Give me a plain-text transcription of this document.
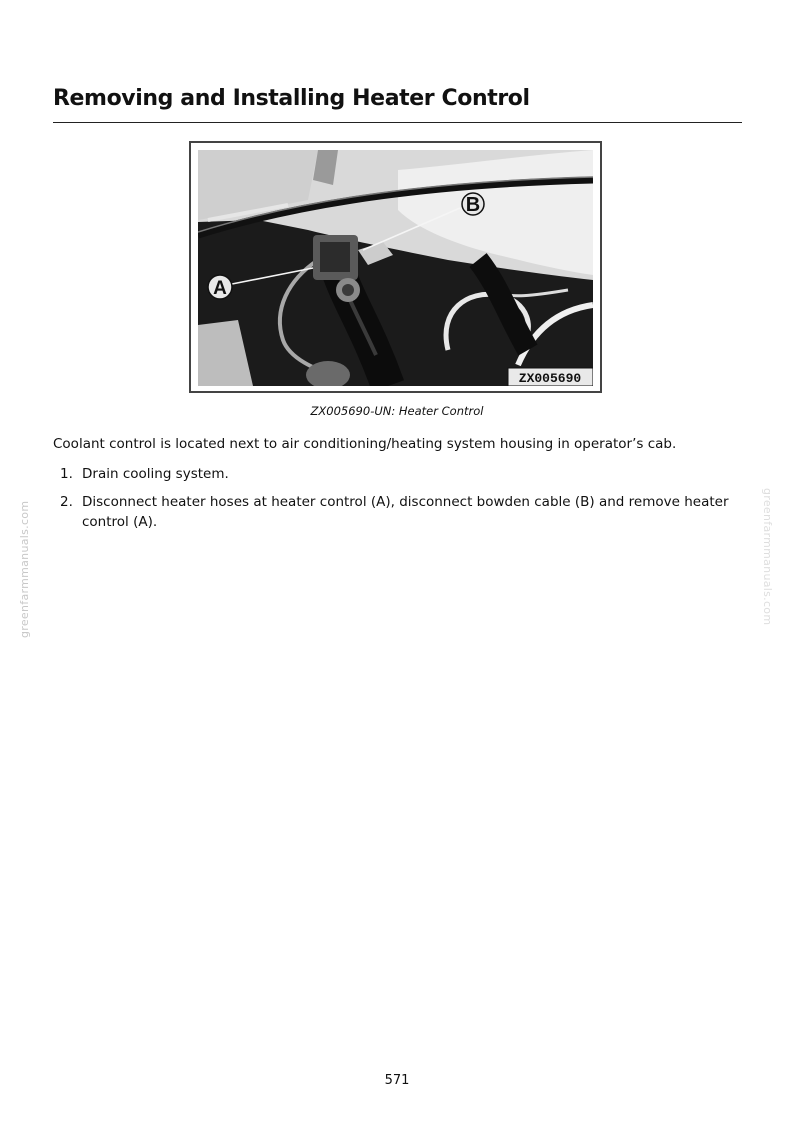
Removing and Installing Heater Control
B
A
ZX005690
ZX005690-UN: Heater Control
Coolant control is located next to air conditioning/heating system housing in operator’s cab.
1. Drain cooling system.
2. Disconnect heater hoses at heater control (A), disconnect bowden cable (B) and remove heater control (A).
greenfarmmanuals.com	greenfarmmanuals.com
571
